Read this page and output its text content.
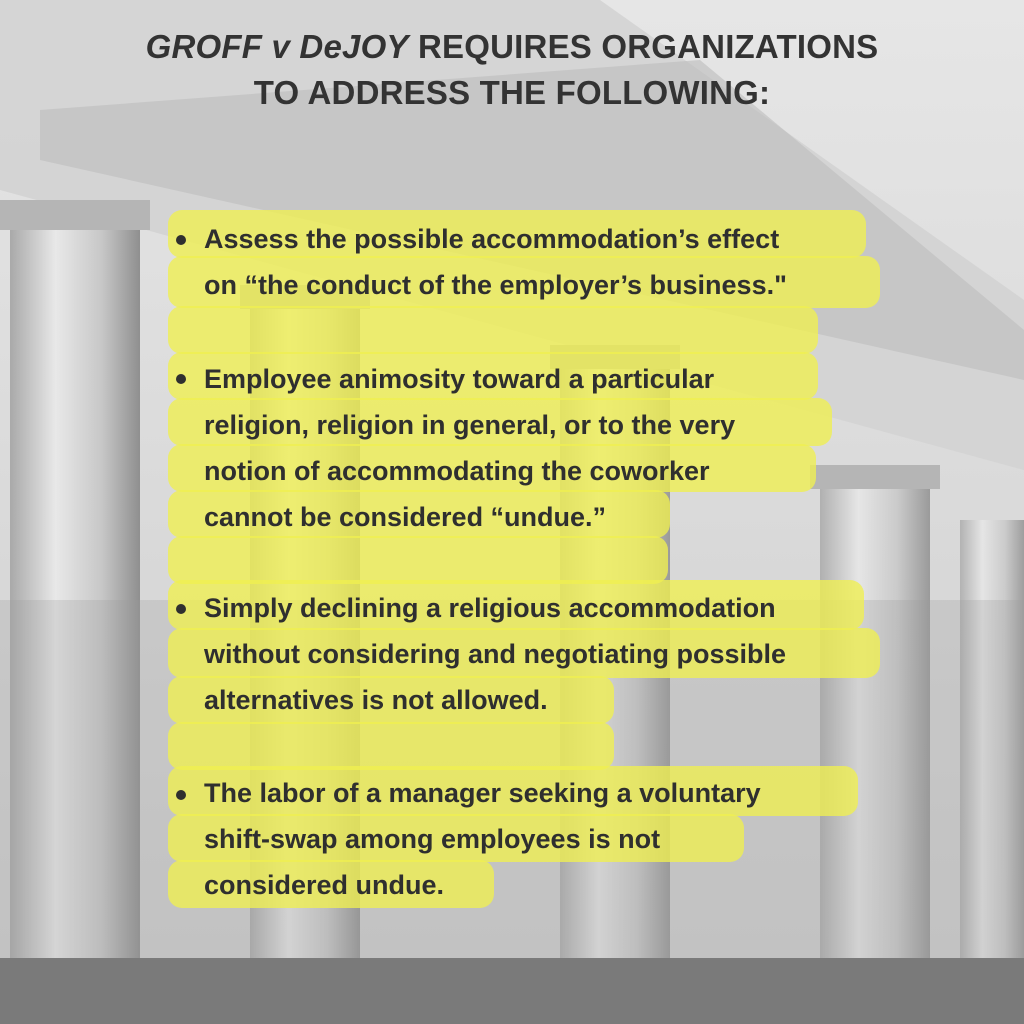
GROFF v DeJOY REQUIRES ORGANIZATIONS
TO ADDRESS THE FOLLOWING:
Assess the possible accommodation’s effect
on “the conduct of the employer’s business."
Employee animosity toward a particular
religion, religion in general, or to the very
notion of accommodating the coworker
cannot be considered “undue.”
Simply declining a religious accommodation
without considering and negotiating possible
alternatives is not allowed.
The labor of a manager seeking a voluntary
shift-swap among employees is not
considered undue.
